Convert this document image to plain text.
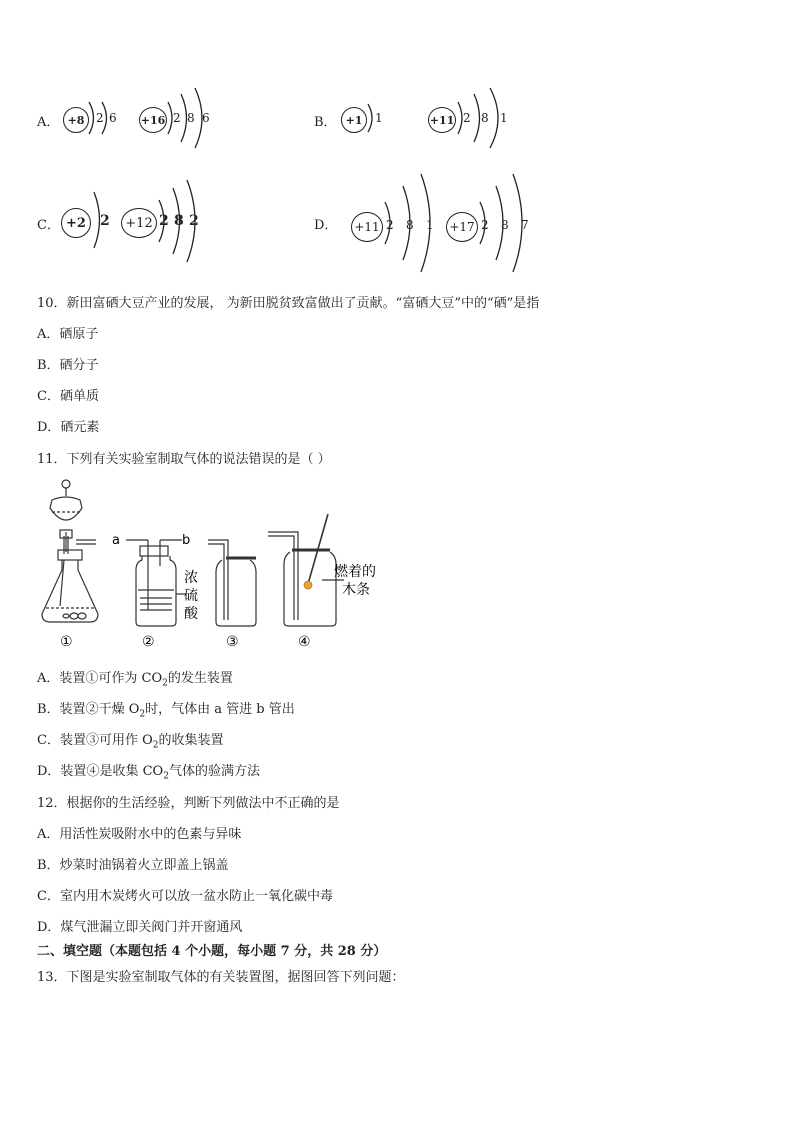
A． +8 2 6 +16 2 8 6	B． +1	1	+11 2 8 1
C． +2	2	+12 2 8 2	D． +11 2 8 1 +17 2 8 7
10．新田富硒大豆产业的发展， 为新田脱贫致富做出了贡献。“富硒大豆”中的“硒”是指
A．硒原子
B．硒分子
C．硒单质
D．硒元素
11．下列有关实验室制取气体的说法错误的是（ ）
a	b
浓
硫
酸
燃着的
木条
①	②	③	④
A．装置①可作为 $CO_2$的发生装置
B．装置②干燥 $O_2$时，气体由 a 管进 b 管出
C．装置③可用作 $O_2$的收集装置
D．装置④是收集 $CO_2$气体的验满方法
12．根据你的生活经验，判断下列做法中不正确的是
A．用活性炭吸附水中的色素与异味
B．炒菜时油锅着火立即盖上锅盖
C．室内用木炭烤火可以放一盆水防止一氧化碳中毒
D．煤气泄漏立即关阀门并开窗通风
二、填空题（本题包括 4 个小题，每小题 7 分，共 28 分）
13．下图是实验室制取气体的有关装置图，据图回答下列问题：
